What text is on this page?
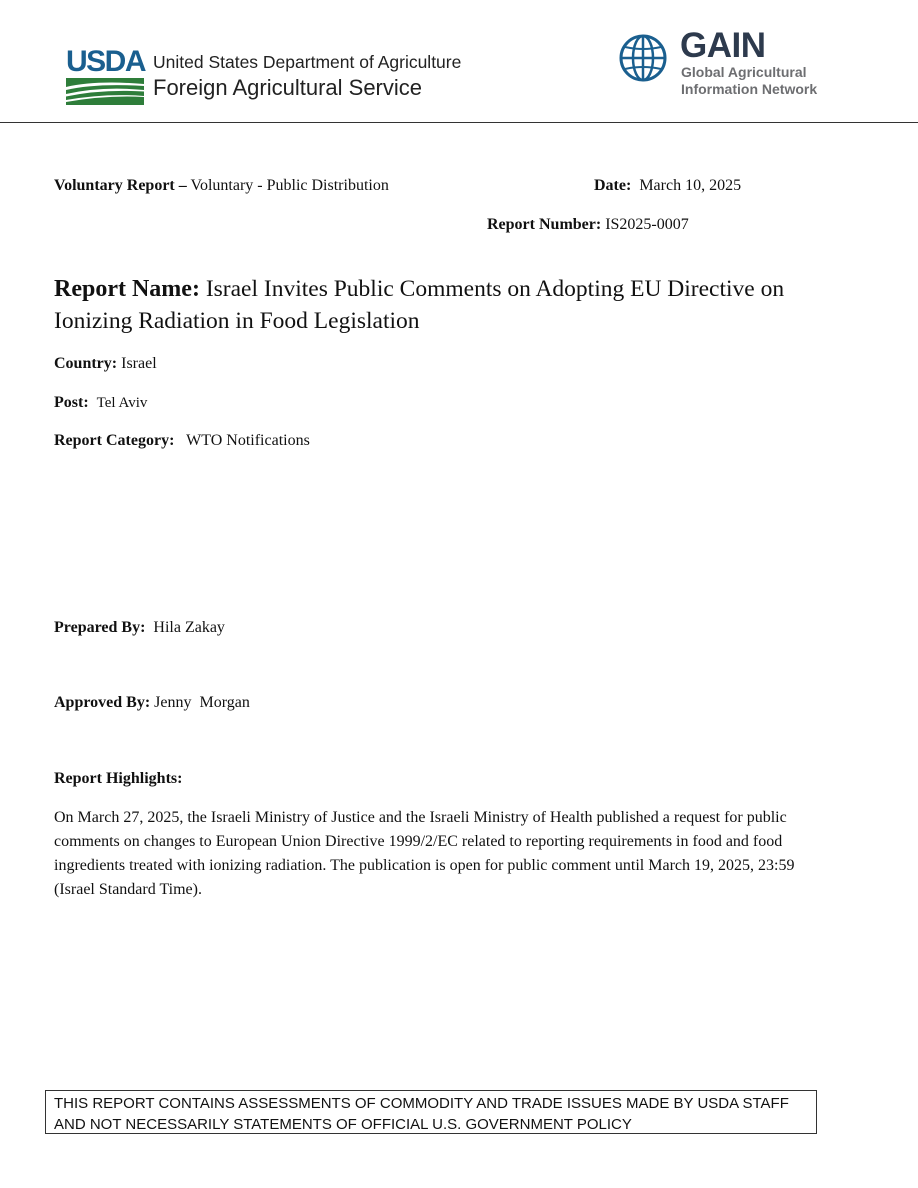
USDA United States Department of Agriculture
Foreign Agricultural Service
GAIN
Global Agricultural
Information Network
Voluntary Report – Voluntary - Public Distribution	Date: March 10, 2025
Report Number: IS2025-0007
Report Name: Israel Invites Public Comments on Adopting EU Directive on Ionizing Radiation in Food Legislation
Country: Israel
Post: Tel Aviv
Report Category: WTO Notifications
Prepared By: Hila Zakay
Approved By: Jenny  Morgan
Report Highlights:
On March 27, 2025, the Israeli Ministry of Justice and the Israeli Ministry of Health published a request for public comments on changes to European Union Directive 1999/2/EC related to reporting requirements in food and food ingredients treated with ionizing radiation. The publication is open for public comment until March 19, 2025, 23:59 (Israel Standard Time).
THIS REPORT CONTAINS ASSESSMENTS OF COMMODITY AND TRADE ISSUES MADE BY USDA STAFF
AND NOT NECESSARILY STATEMENTS OF OFFICIAL U.S. GOVERNMENT POLICY
